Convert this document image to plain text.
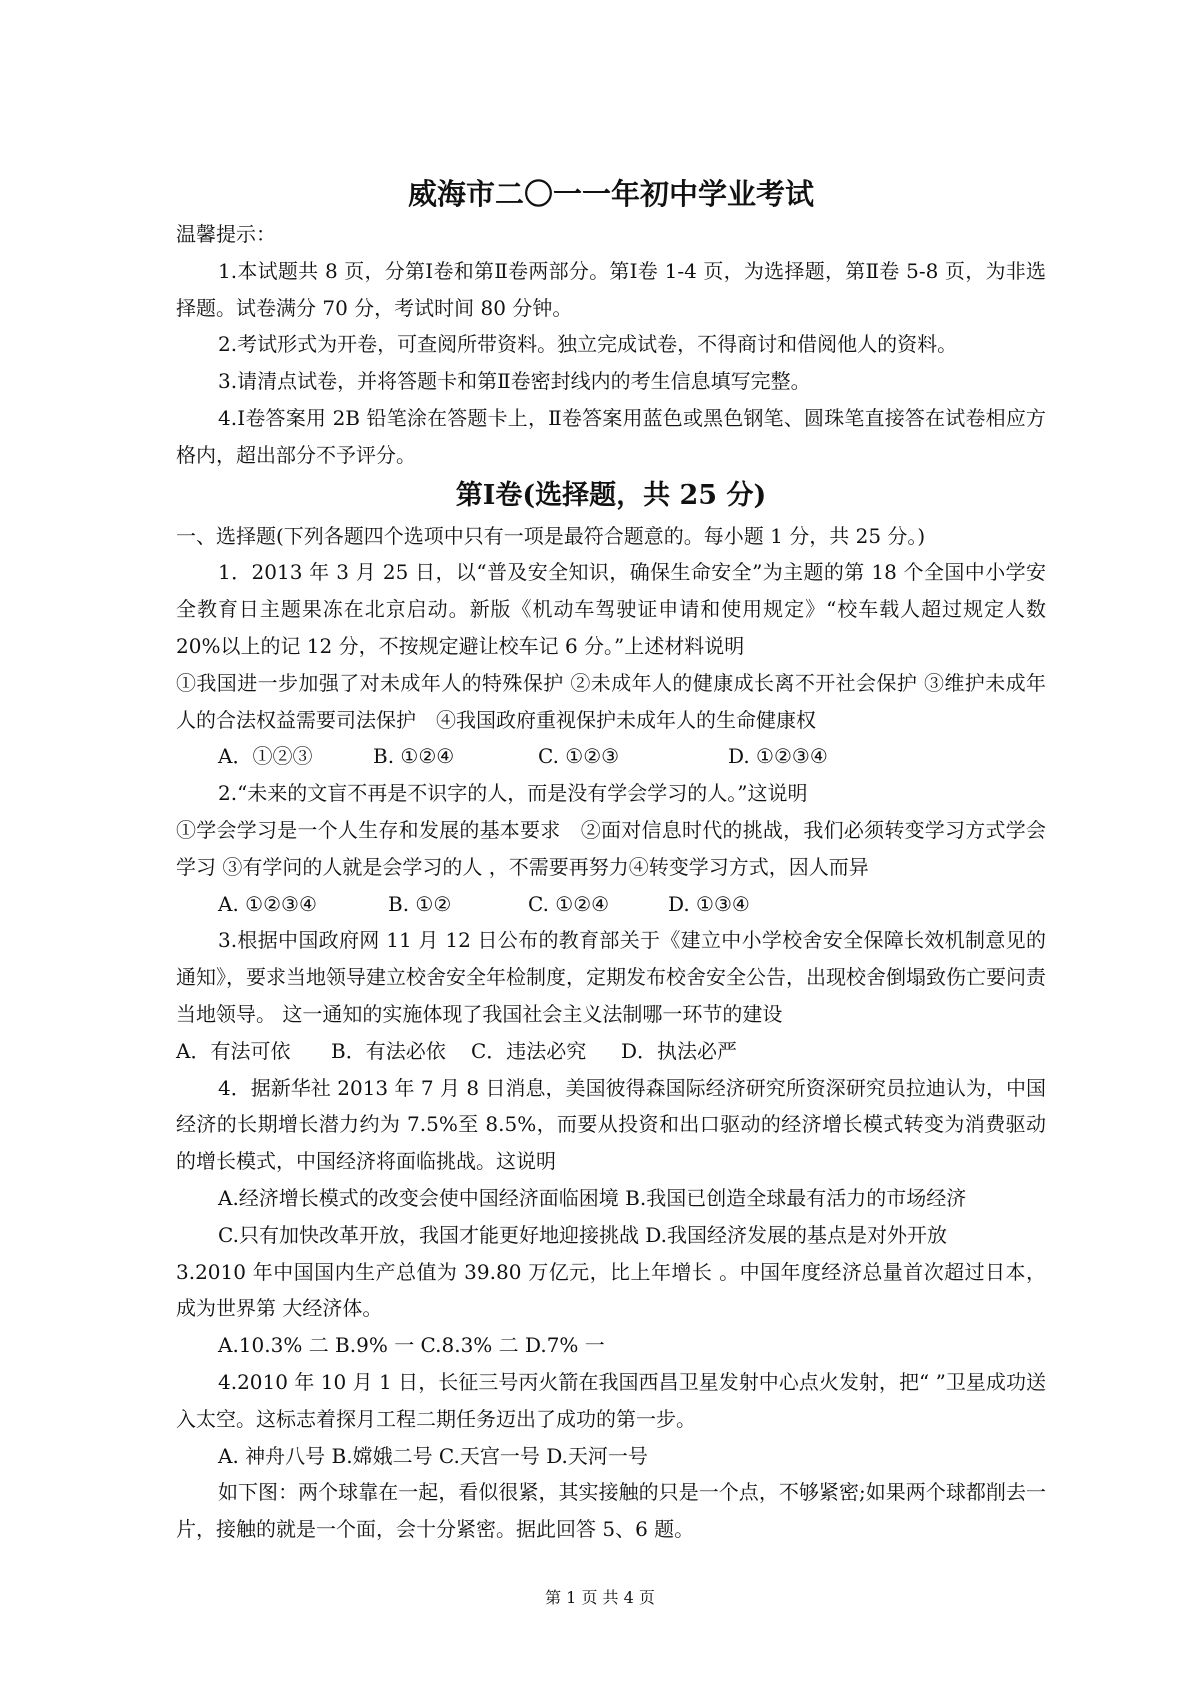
威海市二〇一一年初中学业考试

温馨提示：

1.本试题共 8 页，分第Ⅰ卷和第Ⅱ卷两部分。第Ⅰ卷 1-4 页，为选择题，第Ⅱ卷 5-8 页，为非选择题。试卷满分 70 分，考试时间 80 分钟。

2.考试形式为开卷，可查阅所带资料。独立完成试卷，不得商讨和借阅他人的资料。

3.请清点试卷，并将答题卡和第Ⅱ卷密封线内的考生信息填写完整。

4.Ⅰ卷答案用 2B 铅笔涂在答题卡上，Ⅱ卷答案用蓝色或黑色钢笔、圆珠笔直接答在试卷相应方格内，超出部分不予评分。

第Ⅰ卷(选择题，共 25 分)

一、选择题(下列各题四个选项中只有一项是最符合题意的。每小题 1 分，共 25 分。)

1．2013 年 3 月 25 日，以“普及安全知识，确保生命安全”为主题的第 18 个全国中小学安全教育日主题果冻在北京启动。新版《机动车驾驶证申请和使用规定》“校车载人超过规定人数 20%以上的记 12 分，不按规定避让校车记 6 分。”上述材料说明

①我国进一步加强了对未成年人的特殊保护 ②未成年人的健康成长离不开社会保护 ③维护未成年人的合法权益需要司法保护　④我国政府重视保护未成年人的生命健康权

A．①②③	B. ①②④	C. ①②③	D. ①②③④

2.“未来的文盲不再是不识字的人，而是没有学会学习的人。”这说明

①学会学习是一个人生存和发展的基本要求　②面对信息时代的挑战，我们必须转变学习方式学会学习 ③有学问的人就是会学习的人 ，不需要再努力④转变学习方式，因人而异

A. ①②③④	B. ①②	C. ①②④	D. ①③④

3.根据中国政府网 11 月 12 日公布的教育部关于《建立中小学校舍安全保障长效机制意见的通知》，要求当地领导建立校舍安全年检制度，定期发布校舍安全公告，出现校舍倒塌致伤亡要问责当地领导。 这一通知的实施体现了我国社会主义法制哪一环节的建设

A．有法可依 B．有法必依 C．违法必究 D．执法必严

4．据新华社 2013 年 7 月 8 日消息，美国彼得森国际经济研究所资深研究员拉迪认为，中国经济的长期增长潜力约为 7.5%至 8.5%，而要从投资和出口驱动的经济增长模式转变为消费驱动的增长模式，中国经济将面临挑战。这说明

A.经济增长模式的改变会使中国经济面临困境 B.我国已创造全球最有活力的市场经济

C.只有加快改革开放，我国才能更好地迎接挑战 D.我国经济发展的基点是对外开放

3.2010 年中国国内生产总值为 39.80 万亿元，比上年增长 。中国年度经济总量首次超过日本，成为世界第 大经济体。

A.10.3% 二 B.9% 一 C.8.3% 二 D.7% 一

4.2010 年 10 月 1 日，长征三号丙火箭在我国西昌卫星发射中心点火发射，把“ ”卫星成功送入太空。这标志着探月工程二期任务迈出了成功的第一步。

A. 神舟八号 B.嫦娥二号 C.天宫一号 D.天河一号

如下图：两个球靠在一起，看似很紧，其实接触的只是一个点，不够紧密;如果两个球都削去一片，接触的就是一个面，会十分紧密。据此回答 5、6 题。

第 1 页 共 4 页
